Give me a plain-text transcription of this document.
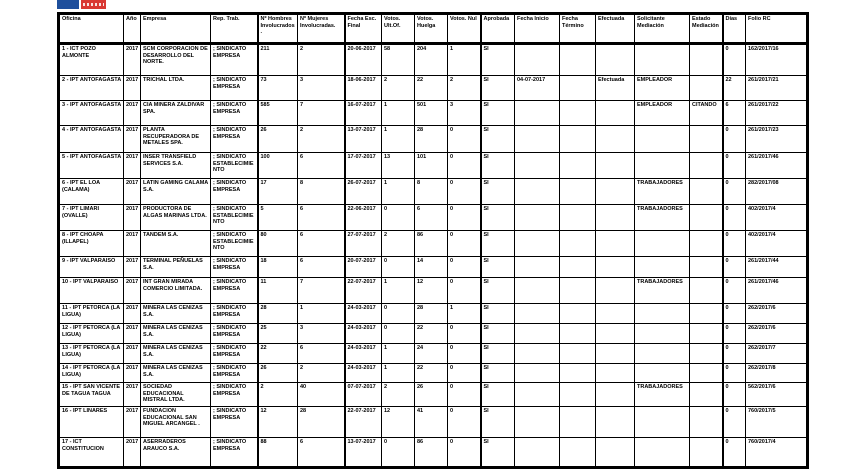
Oficina	Año	Empresa	Rep. Trab.	Nº Hombres Involucrados.	Nº Mujeres Involucradas.	Fecha Esc. Final	Votos. Ult.Of.	Votos. Huelga	Votos. Nul	Aprobada	Fecha Inicio	Fecha Término	Efectuada	Solicitante Mediación	Estado Mediación	Días	Folio RC
1 - ICT POZO ALMONTE	2017	SCM CORPORACION DE DESARROLLO DEL NORTE.	; SINDICATO EMPRESA	211	2	20-06-2017	58	204	1	SI						0	162/2017/16
2 - IPT ANTOFAGASTA	2017	TRICHAL LTDA.	; SINDICATO EMPRESA	73	3	18-06-2017	2	22	2	SI	04-07-2017		Efectuada	EMPLEADOR		22	261/2017/21
3 - IPT ANTOFAGASTA	2017	CIA MINERA ZALDIVAR SPA.	; SINDICATO EMPRESA	585	7	16-07-2017	1	501	3	SI				EMPLEADOR	CITANDO	6	261/2017/22
4 - IPT ANTOFAGASTA	2017	PLANTA RECUPERADORA DE METALES SPA.	; SINDICATO EMPRESA	26	2	13-07-2017	1	28	0	SI						0	261/2017/23
5 - IPT ANTOFAGASTA	2017	INSER TRANSFIELD SERVICES S.A.	; SINDICATO ESTABLECIMIENTO	100	6	17-07-2017	13	101	0	SI						0	261/2017/46
6 - IPT EL LOA (CALAMA)	2017	LATIN GAMING CALAMA S.A.	; SINDICATO EMPRESA	17	8	26-07-2017	1	8	0	SI				TRABAJADORES		0	282/2017/08
7 - IPT LIMARI (OVALLE)	2017	PRODUCTORA DE ALGAS MARINAS LTDA.	; SINDICATO ESTABLECIMIENTO	5	6	22-06-2017	0	6	0	SI				TRABAJADORES		0	402/2017/4
8 - IPT CHOAPA (ILLAPEL)	2017	TANDEM S.A.	; SINDICATO ESTABLECIMIENTO	80	6	27-07-2017	2	86	0	SI						0	402/2017/4
9 - IPT VALPARAISO	2017	TERMINAL PEÑUELAS S.A.	; SINDICATO EMPRESA	18	6	20-07-2017	0	14	0	SI						0	261/2017/44
10 - IPT VALPARAISO	2017	INT GRAN MIRADA COMERCIO LIMITADA.	; SINDICATO EMPRESA	11	7	22-07-2017	1	12	0	SI				TRABAJADORES		0	261/2017/46
11 - IPT PETORCA (LA LIGUA)	2017	MINERA LAS CENIZAS S.A.	; SINDICATO EMPRESA	28	1	24-03-2017	0	28	1	SI						0	262/2017/6
12 - IPT PETORCA (LA LIGUA)	2017	MINERA LAS CENIZAS S.A.	; SINDICATO EMPRESA	25	3	24-03-2017	0	22	0	SI						0	262/2017/6
13 - IPT PETORCA (LA LIGUA)	2017	MINERA LAS CENIZAS S.A.	; SINDICATO EMPRESA	22	6	24-03-2017	1	24	0	SI						0	262/2017/7
14 - IPT PETORCA (LA LIGUA)	2017	MINERA LAS CENIZAS S.A.	; SINDICATO EMPRESA	26	2	24-03-2017	1	22	0	SI						0	262/2017/8
15 - IPT SAN VICENTE DE TAGUA TAGUA	2017	SOCIEDAD EDUCACIONAL MISTRAL LTDA.	; SINDICATO EMPRESA	2	40	07-07-2017	2	26	0	SI				TRABAJADORES		0	562/2017/6
16 - IPT LINARES	2017	FUNDACION EDUCACIONAL SAN MIGUEL ARCANGEL .	; SINDICATO EMPRESA	12	28	22-07-2017	12	41	0	SI						0	760/2017/5
17 - ICT CONSTITUCION	2017	ASERRADEROS ARAUCO S.A.	; SINDICATO EMPRESA	88	6	13-07-2017	0	86	0	SI						0	760/2017/4
